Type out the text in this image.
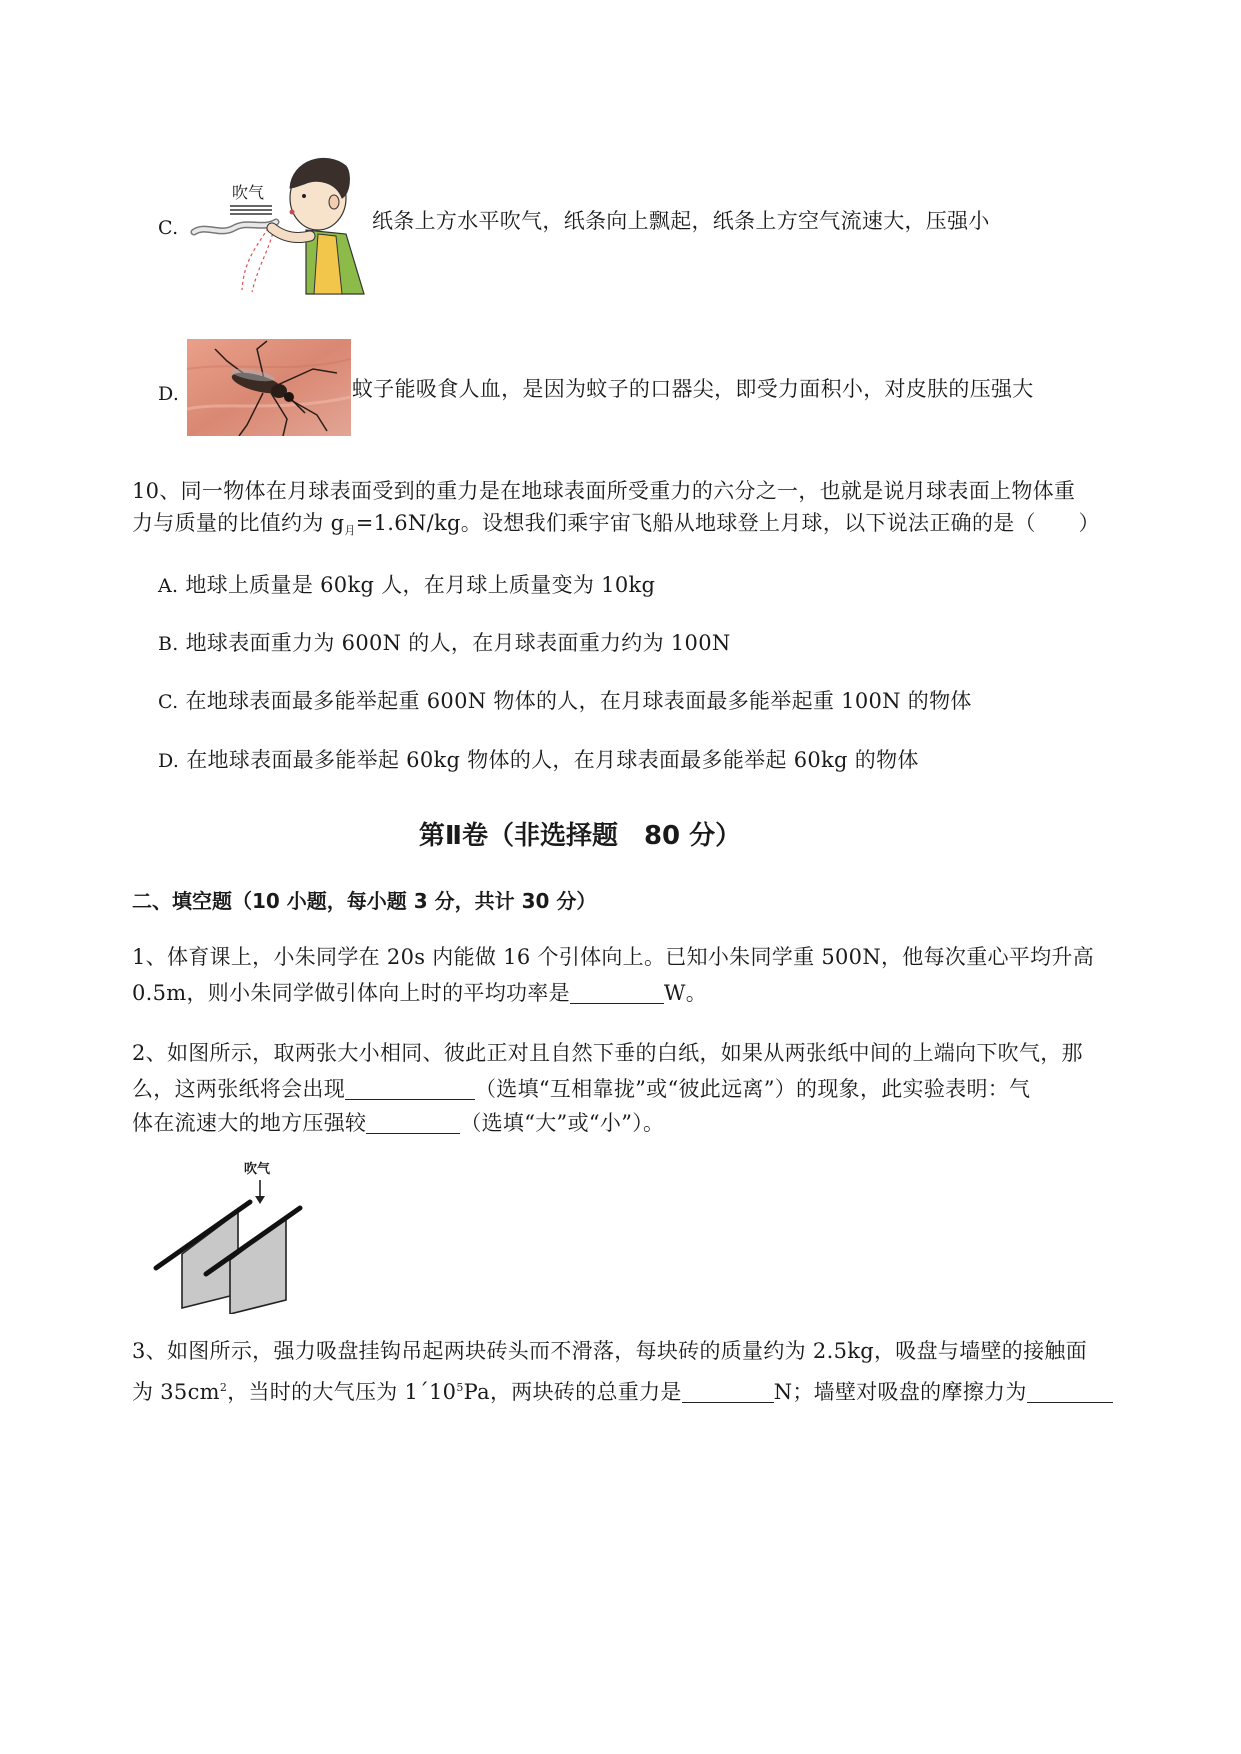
C.
吹气
纸条上方水平吹气，纸条向上飘起，纸条上方空气流速大，压强小
D.	蚊子能吸食人血，是因为蚊子的口器尖，即受力面积小，对皮肤的压强大
10、同一物体在月球表面受到的重力是在地球表面所受重力的六分之一，也就是说月球表面上物体重
力与质量的比值约为 $g_月=1.6N/kg$。设想我们乘宇宙飞船从地球登上月球，以下说法正确的是（　　）
A. 地球上质量是 60kg 人，在月球上质量变为 10kg
B. 地球表面重力为 600N 的人，在月球表面重力约为 100N
C. 在地球表面最多能举起重 600N 物体的人，在月球表面最多能举起重 100N 的物体
D. 在地球表面最多能举起 60kg 物体的人，在月球表面最多能举起 60kg 的物体
第Ⅱ卷（非选择题　80 分）
二、填空题（10 小题，每小题 3 分，共计 30 分）
1、体育课上，小朱同学在 20s 内能做 16 个引体向上。已知小朱同学重 500N，他每次重心平均升高
0.5m，则小朱同学做引体向上时的平均功率是	W。
2、如图所示，取两张大小相同、彼此正对且自然下垂的白纸，如果从两张纸中间的上端向下吹气，那
么，这两张纸将会出现	（选填“互相靠拢”或“彼此远离”）的现象，此实验表明：气
体在流速大的地方压强较	（选填“大”或“小”）。
吹气
3、如图所示，强力吸盘挂钩吊起两块砖头而不滑落，每块砖的质量约为 2.5kg，吸盘与墙壁的接触面
为 $35cm^2$，当时的大气压为 $1´10^5Pa$，两块砖的总重力是	N；墙壁对吸盘的摩擦力为
